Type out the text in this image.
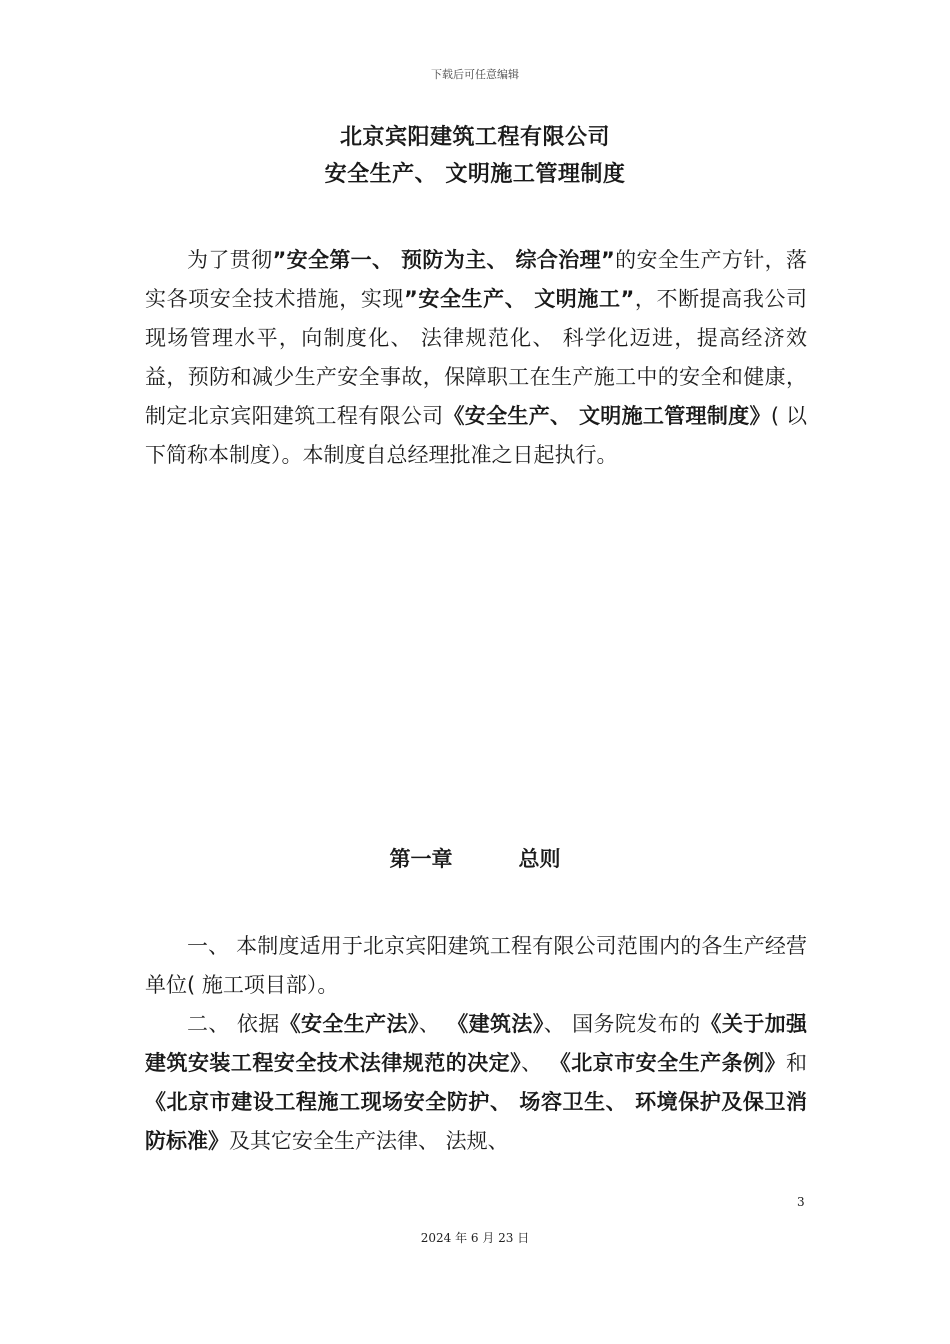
下载后可任意编辑
北京宾阳建筑工程有限公司
安全生产、 文明施工管理制度

为了贯彻”安全第一、 预防为主、 综合治理”的安全生产方针，落实各项安全技术措施，实现”安全生产、 文明施工”，不断提高我公司现场管理水平，向制度化、 法律规范化、 科学化迈进，提高经济效益，预防和减少生产安全事故，保障职工在生产施工中的安全和健康，制定北京宾阳建筑工程有限公司《安全生产、 文明施工管理制度》( 以下简称本制度）。本制度自总经理批准之日起执行。

第一章	总则

一、 本制度适用于北京宾阳建筑工程有限公司范围内的各生产经营单位( 施工项目部）。

二、 依据《安全生产法》、 《建筑法》、 国务院发布的《关于加强建筑安装工程安全技术法律规范的决定》、 《北京市安全生产条例》和《北京市建设工程施工现场安全防护、 场容卫生、 环境保护及保卫消防标准》及其它安全生产法律、 法规、

3
2024 年 6 月 23 日
